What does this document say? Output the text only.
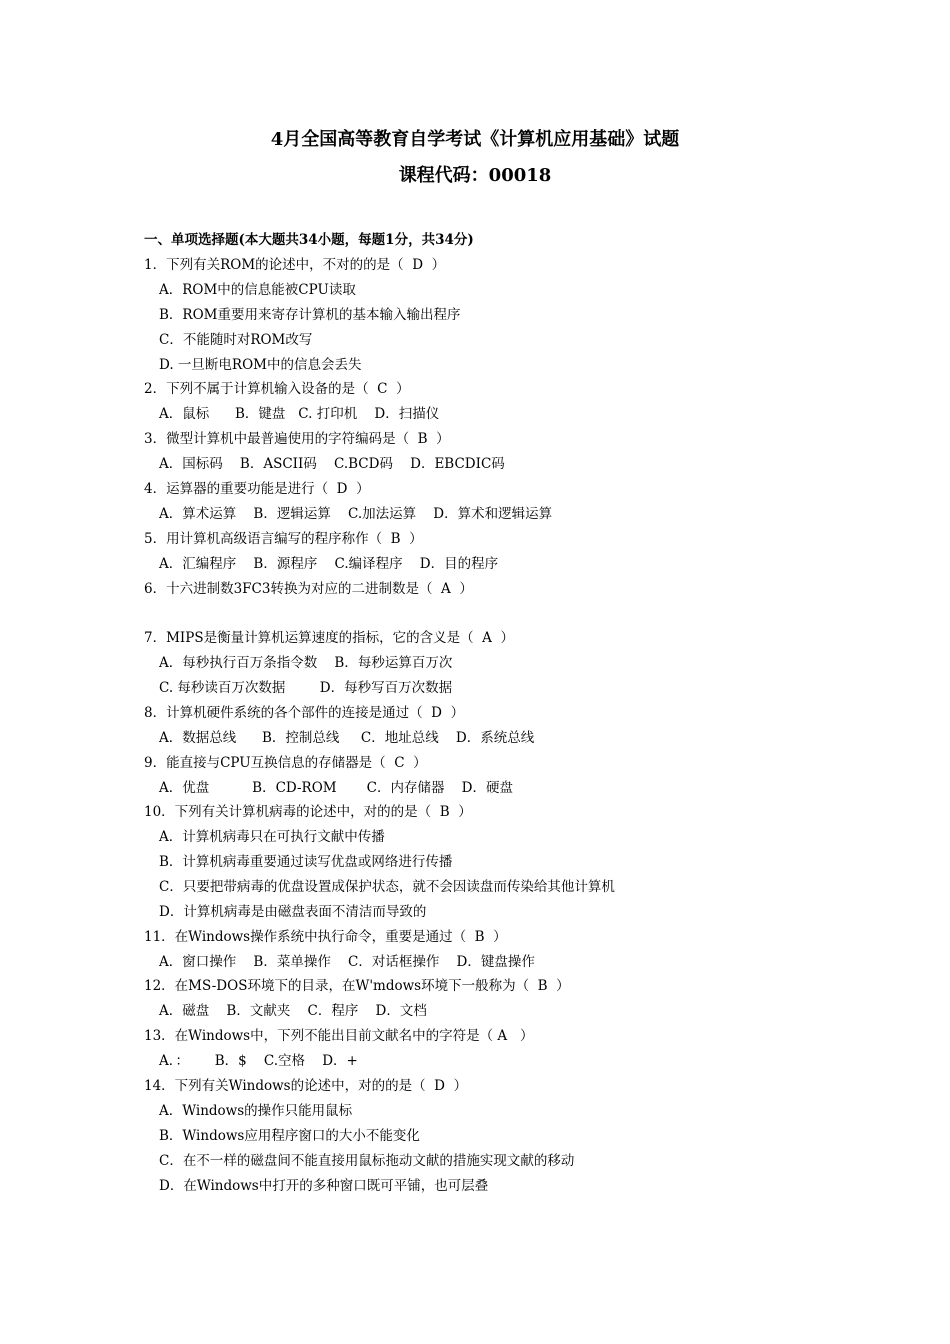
4月全国高等教育自学考试《计算机应用基础》试题
课程代码：00018
一、单项选择题(本大题共34小题，每题1分，共34分)
1．下列有关ROM的论述中，不对的的是（  D  ）
A．ROM中的信息能被CPU读取
B．ROM重要用来寄存计算机的基本输入输出程序
C．不能随时对ROM改写
D. 一旦断电ROM中的信息会丢失
2．下列不属于计算机输入设备的是（  C  ）
A．鼠标      B．键盘   C. 打印机    D．扫描仪
3．微型计算机中最普遍使用的字符编码是（  B  ）
A．国标码    B．ASCII码    C.BCD码    D．EBCDIC码
4．运算器的重要功能是进行（  D  ）
A．算术运算    B．逻辑运算    C.加法运算    D．算术和逻辑运算
5．用计算机高级语言编写的程序称作（  B  ）
A．汇编程序    B．源程序    C.编译程序    D．目的程序
6．十六进制数3FC3转换为对应的二进制数是（  A  ）
7．MIPS是衡量计算机运算速度的指标，它的含义是（  A  ）
A．每秒执行百万条指令数    B．每秒运算百万次
C. 每秒读百万次数据        D．每秒写百万次数据
8．计算机硬件系统的各个部件的连接是通过（  D  ）
A．数据总线      B．控制总线     C．地址总线    D．系统总线
9．能直接与CPU互换信息的存储器是（  C  ）
A．优盘          B．CD-ROM       C．内存储器    D．硬盘
10．下列有关计算机病毒的论述中，对的的是（  B  ）
A．计算机病毒只在可执行文献中传播
B．计算机病毒重要通过读写优盘或网络进行传播
C．只要把带病毒的优盘设置成保护状态，就不会因读盘而传染给其他计算机
D．计算机病毒是由磁盘表面不清洁而导致的
11．在Windows操作系统中执行命令，重要是通过（  B  ）
A．窗口操作    B．菜单操作    C．对话框操作    D．键盘操作
12．在MS-DOS环境下的目录，在W'mdows环境下一般称为（  B  ）
A．磁盘    B．文献夹    C．程序    D．文档
13．在Windows中，下列不能出目前文献名中的字符是（ A   ）
A．：      B．$    C.空格    D．+
14．下列有关Windows的论述中，对的的是（  D  ）
A．Windows的操作只能用鼠标
B．Windows应用程序窗口的大小不能变化
C．在不一样的磁盘间不能直接用鼠标拖动文献的措施实现文献的移动
D．在Windows中打开的多种窗口既可平铺，也可层叠
